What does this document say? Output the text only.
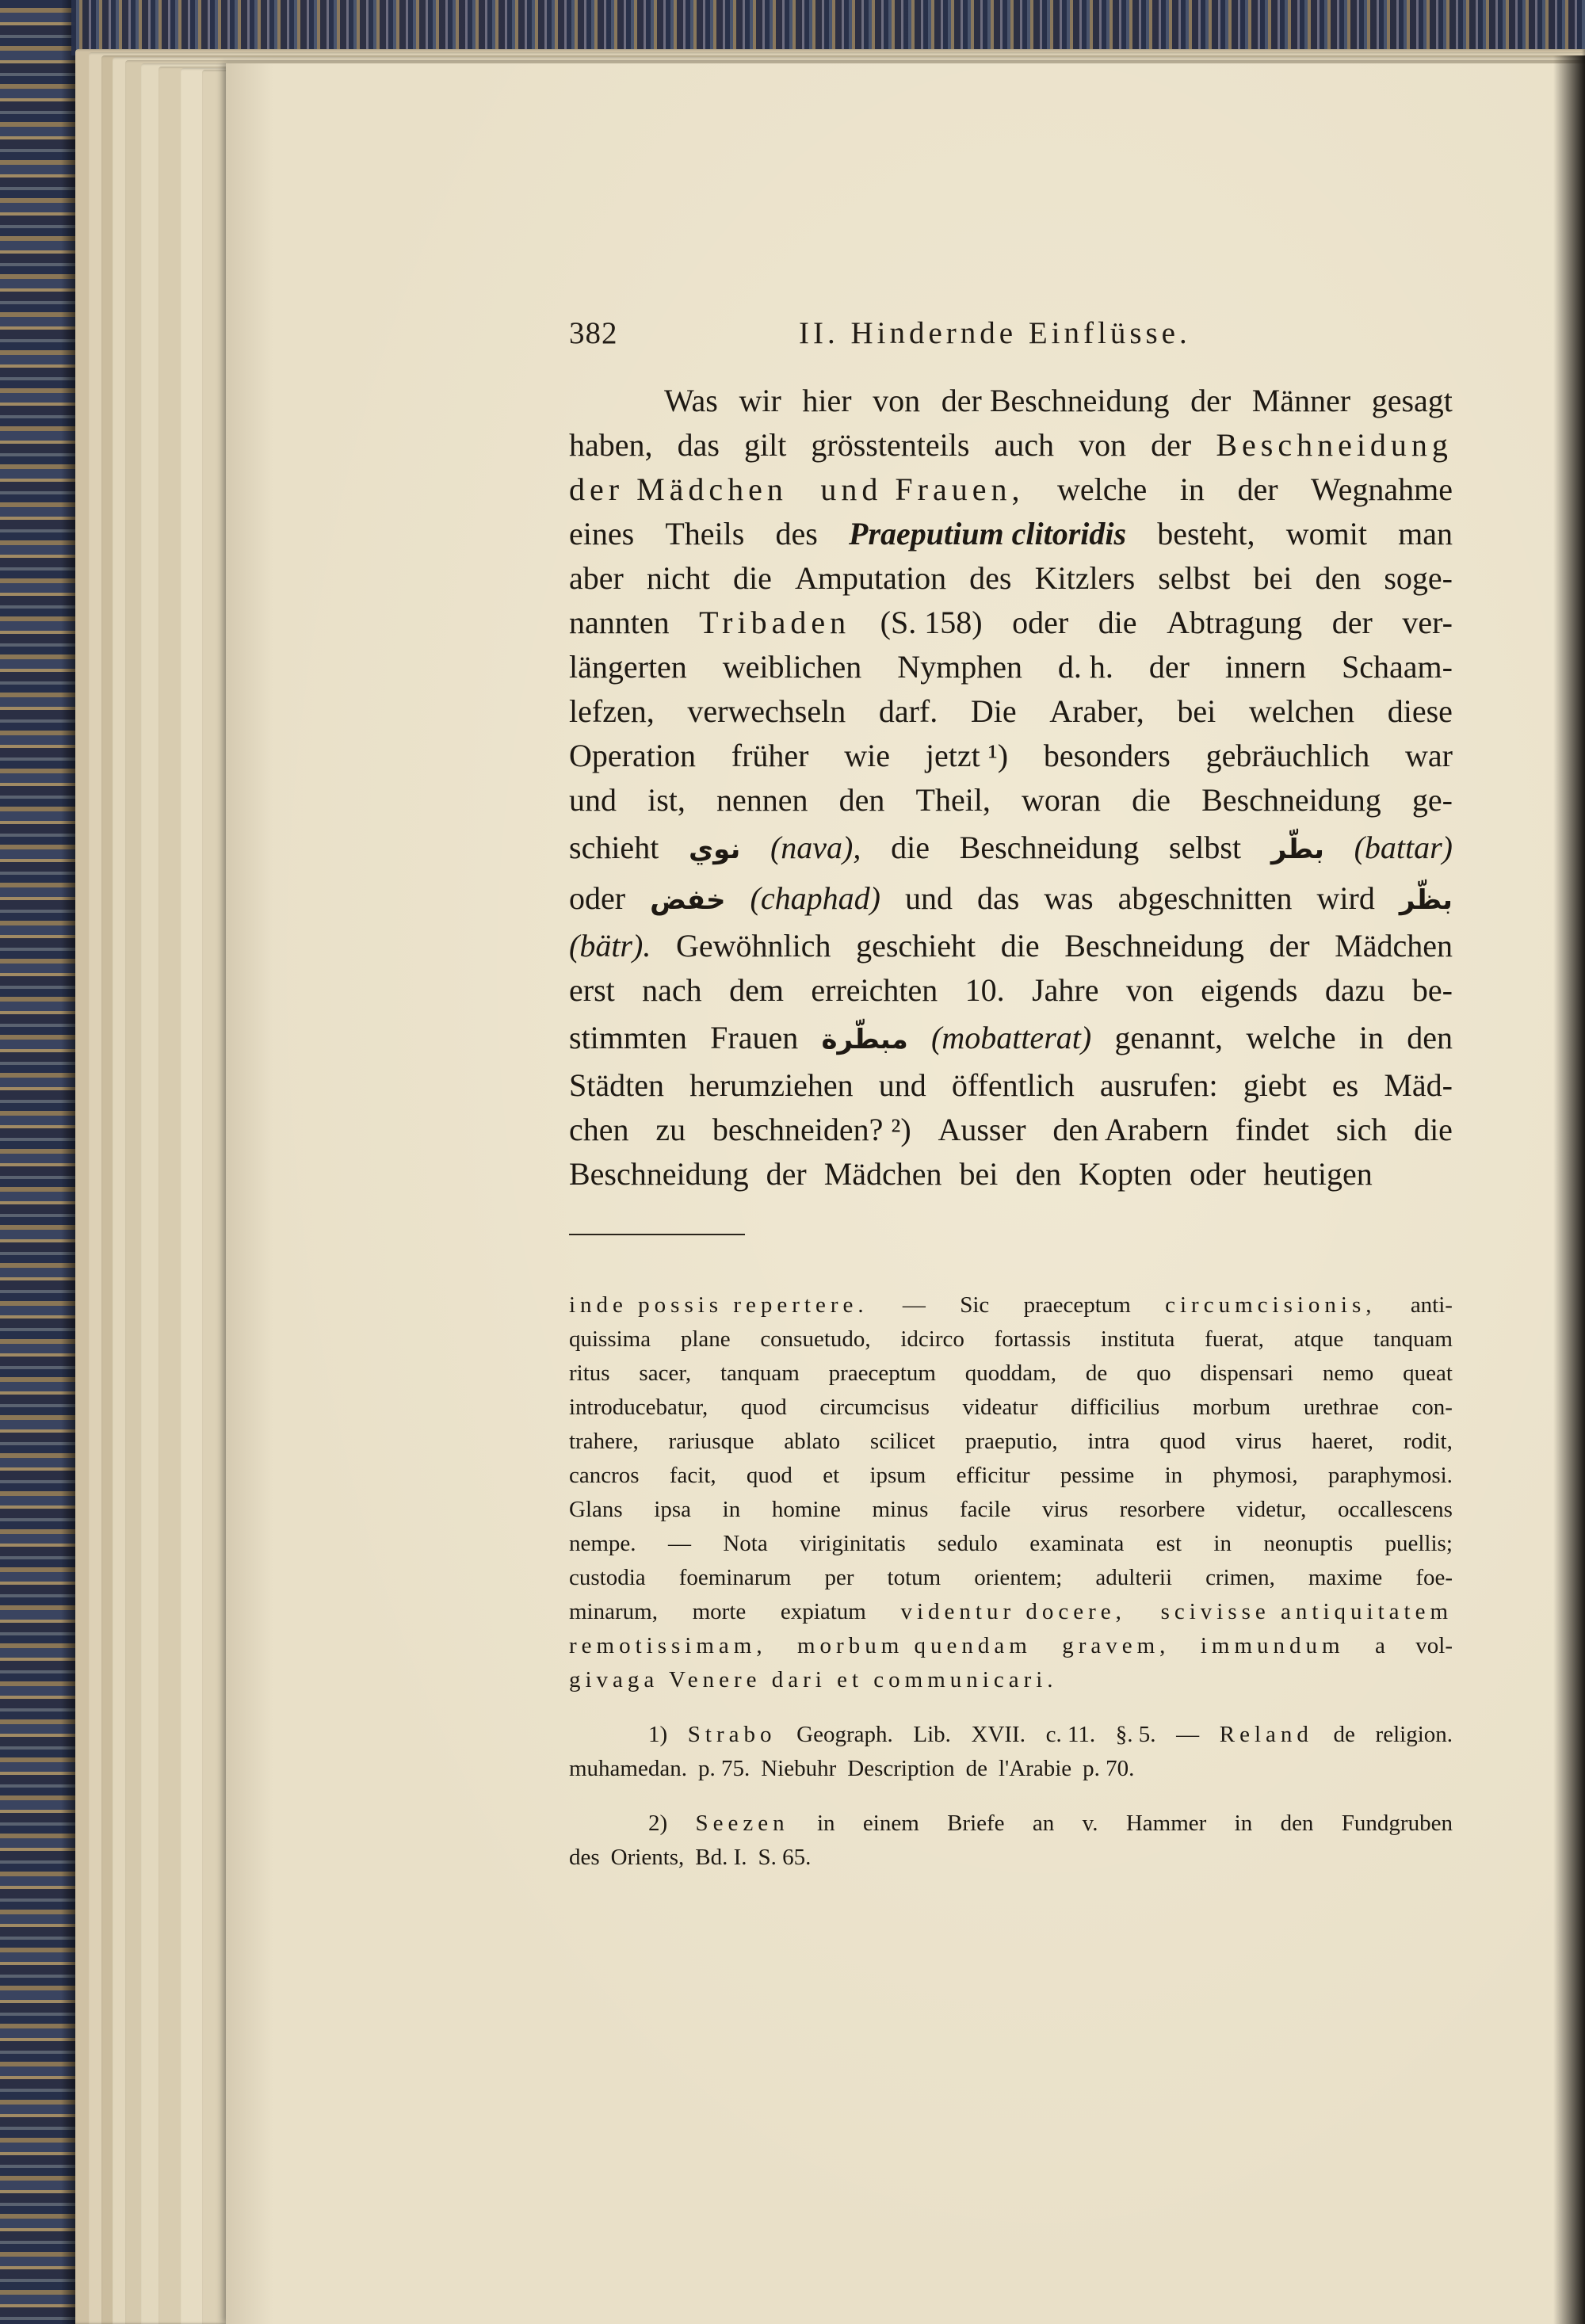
382	II. Hindernde Einflüsse.
Was wir hier von der Beschneidung der Männer gesagt
haben, das gilt grösstenteils auch von der Beschneidung
der Mädchen und Frauen, welche in der Wegnahme
eines Theils des Praeputium clitoridis besteht, womit man
aber nicht die Amputation des Kitzlers selbst bei den soge-
nannten Tribaden (S. 158) oder die Abtragung der ver-
längerten weiblichen Nymphen d. h. der innern Schaam-
lefzen, verwechseln darf. Die Araber, bei welchen diese
Operation früher wie jetzt ¹) besonders gebräuchlich war
und ist, nennen den Theil, woran die Beschneidung ge-
schieht نوي (nava), die Beschneidung selbst بطّر (battar)
oder خفض (chaphad) und das was abgeschnitten wird بظّر
(bätr). Gewöhnlich geschieht die Beschneidung der Mädchen
erst nach dem erreichten 10. Jahre von eigends dazu be-
stimmten Frauen مبطّرة (mobatterat) genannt, welche in den
Städten herumziehen und öffentlich ausrufen: giebt es Mäd-
chen zu beschneiden? ²) Ausser den Arabern findet sich die
Beschneidung der Mädchen bei den Kopten oder heutigen
inde possis repertere. — Sic praeceptum circumcisionis, anti-
quissima plane consuetudo, idcirco fortassis instituta fuerat, atque tanquam
ritus sacer, tanquam praeceptum quoddam, de quo dispensari nemo queat
introducebatur, quod circumcisus videatur difficilius morbum urethrae con-
trahere, rariusque ablato scilicet praeputio, intra quod virus haeret, rodit,
cancros facit, quod et ipsum efficitur pessime in phymosi, paraphymosi.
Glans ipsa in homine minus facile virus resorbere videtur, occallescens
nempe. — Nota viriginitatis sedulo examinata est in neonuptis puellis;
custodia foeminarum per totum orientem; adulterii crimen, maxime foe-
minarum, morte expiatum videntur docere, scivisse antiquitatem
remotissimam, morbum quendam gravem, immundum a vol-
givaga Venere dari et communicari.
1) Strabo Geograph. Lib. XVII. c. 11. §. 5. — Reland de religion.
muhamedan. p. 75. Niebuhr Description de l'Arabie p. 70.
2) Seezen in einem Briefe an v. Hammer in den Fundgruben
des Orients, Bd. I. S. 65.
